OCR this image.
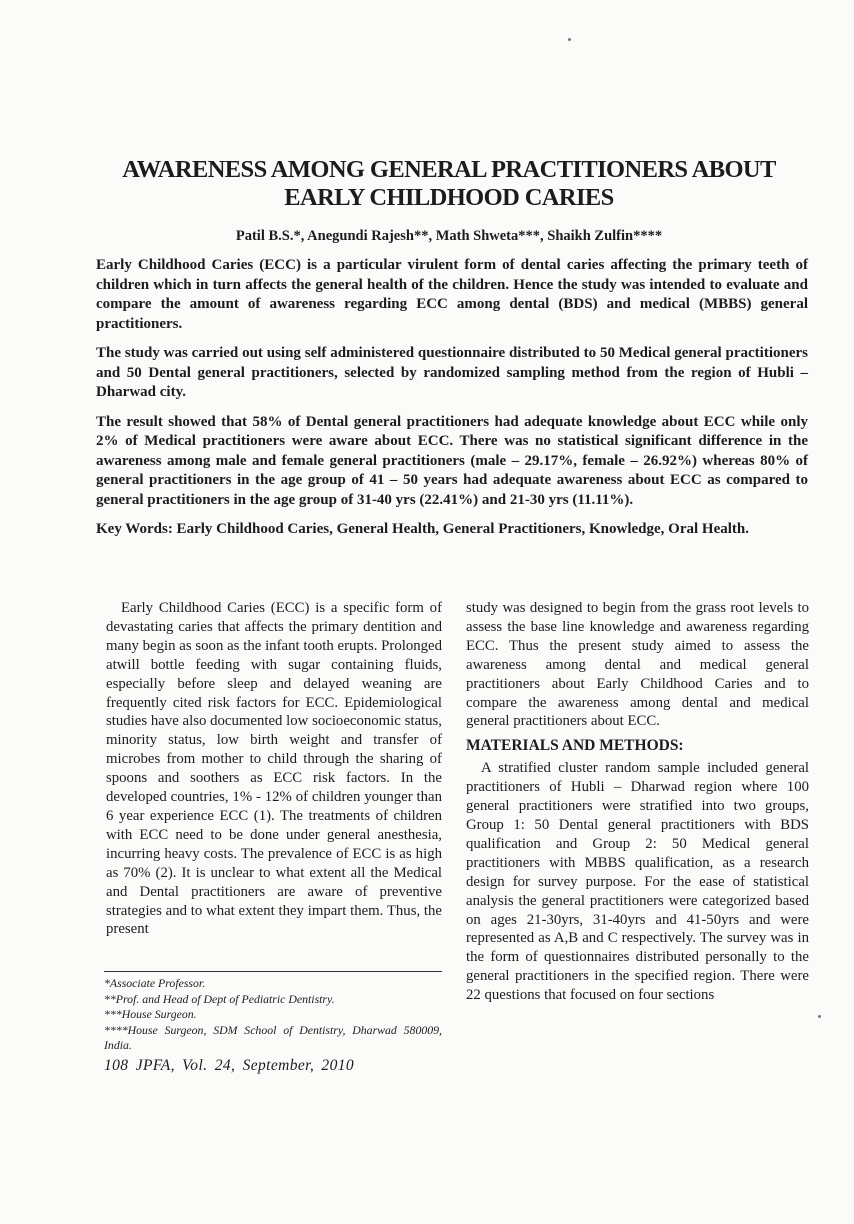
AWARENESS AMONG GENERAL PRACTITIONERS ABOUT
EARLY CHILDHOOD CARIES

Patil B.S.*, Anegundi Rajesh**, Math Shweta***, Shaikh Zulfin****

Early Childhood Caries (ECC) is a particular virulent form of dental caries affecting the primary teeth of children which in turn affects the general health of the children. Hence the study was intended to evaluate and compare the amount of awareness regarding ECC among dental (BDS) and medical (MBBS) general practitioners.

The study was carried out using self administered questionnaire distributed to 50 Medical general practitioners and 50 Dental general practitioners, selected by randomized sampling method from the region of Hubli – Dharwad city.

The result showed that 58% of Dental general practitioners had adequate knowledge about ECC while only 2% of Medical practitioners were aware about ECC. There was no statistical significant difference in the awareness among male and female general practitioners (male – 29.17%, female – 26.92%) whereas 80% of general practitioners in the age group of 41 – 50 years had adequate awareness about ECC as compared to general practitioners in the age group of 31-40 yrs (22.41%) and 21-30 yrs (11.11%).

Key Words: Early Childhood Caries, General Health, General Practitioners, Knowledge, Oral Health.

Early Childhood Caries (ECC) is a specific form of devastating caries that affects the primary dentition and many begin as soon as the infant tooth erupts. Prolonged atwill bottle feeding with sugar containing fluids, especially before sleep and delayed weaning are frequently cited risk factors for ECC. Epidemiological studies have also documented low socioeconomic status, minority status, low birth weight and transfer of microbes from mother to child through the sharing of spoons and soothers as ECC risk factors. In the developed countries, 1% - 12% of children younger than 6 year experience ECC (1). The treatments of children with ECC need to be done under general anesthesia, incurring heavy costs. The prevalence of ECC is as high as 70% (2). It is unclear to what extent all the Medical and Dental practitioners are aware of preventive strategies and to what extent they impart them. Thus, the present

study was designed to begin from the grass root levels to assess the base line knowledge and awareness regarding ECC. Thus the present study aimed to assess the awareness among dental and medical general practitioners about Early Childhood Caries and to compare the awareness among dental and medical general practitioners about ECC.

MATERIALS AND METHODS:

A stratified cluster random sample included general practitioners of Hubli – Dharwad region where 100 general practitioners were stratified into two groups, Group 1: 50 Dental general practitioners with BDS qualification and Group 2: 50 Medical general practitioners with MBBS qualification, as a research design for survey purpose. For the ease of statistical analysis the general practitioners were categorized based on ages 21-30yrs, 31-40yrs and 41-50yrs and were represented as A,B and C respectively. The survey was in the form of questionnaires distributed personally to the general practitioners in the specified region. There were 22 questions that focused on four sections

*Associate Professor.
**Prof. and Head of Dept of Pediatric Dentistry.
***House Surgeon.
****House Surgeon, SDM School of Dentistry, Dharwad 580009, India.
108 JPFA, Vol. 24, September, 2010
